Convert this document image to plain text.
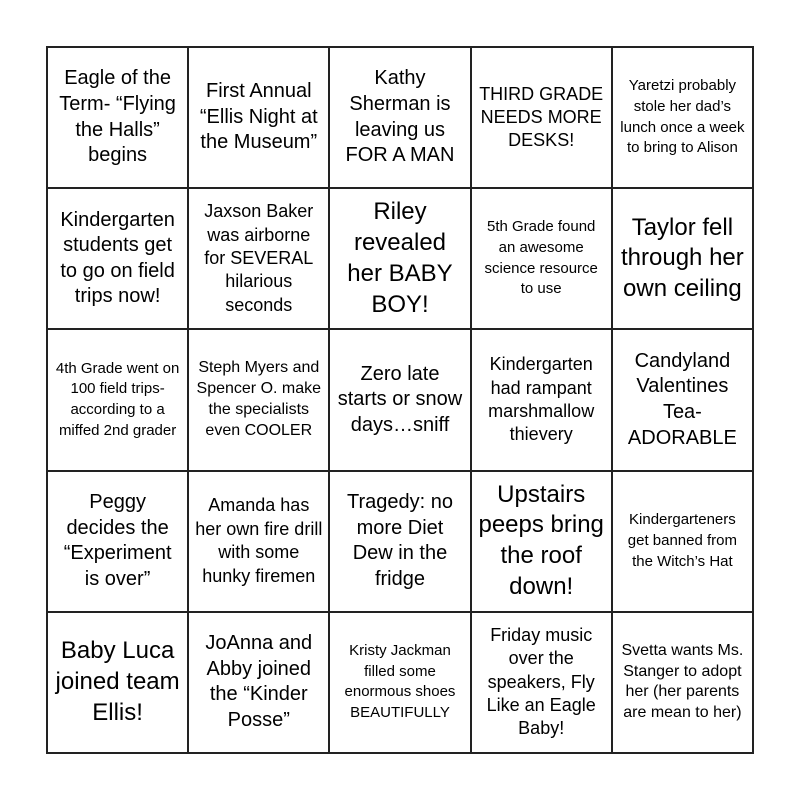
Eagle of the Term- “Flying the Halls” begins
First Annual “Ellis Night at the Museum”
Kathy Sherman is leaving us FOR A MAN
THIRD GRADE NEEDS MORE DESKS!
Yaretzi probably stole her dad’s lunch once a week to bring to Alison
Kindergarten students get to go on field trips now!
Jaxson Baker was airborne for SEVERAL hilarious seconds
Riley revealed her BABY BOY!
5th Grade found an awesome science resource to use
Taylor fell through her own ceiling
4th Grade went on 100 field trips- according to a miffed 2nd grader
Steph Myers and Spencer O. make the specialists even COOLER
Zero late starts or snow days…sniff
Kindergarten had rampant marshmallow thievery
Candyland Valentines Tea- ADORABLE
Peggy decides the “Experiment is over”
Amanda has her own fire drill with some hunky firemen
Tragedy: no more Diet Dew in the fridge
Upstairs peeps bring the roof down!
Kindergarteners get banned from the Witch’s Hat
Baby Luca joined team Ellis!
JoAnna and Abby joined the “Kinder Posse”
Kristy Jackman filled some enormous shoes BEAUTIFULLY
Friday music over the speakers, Fly Like an Eagle Baby!
Svetta wants Ms. Stanger to adopt her (her parents are mean to her)
